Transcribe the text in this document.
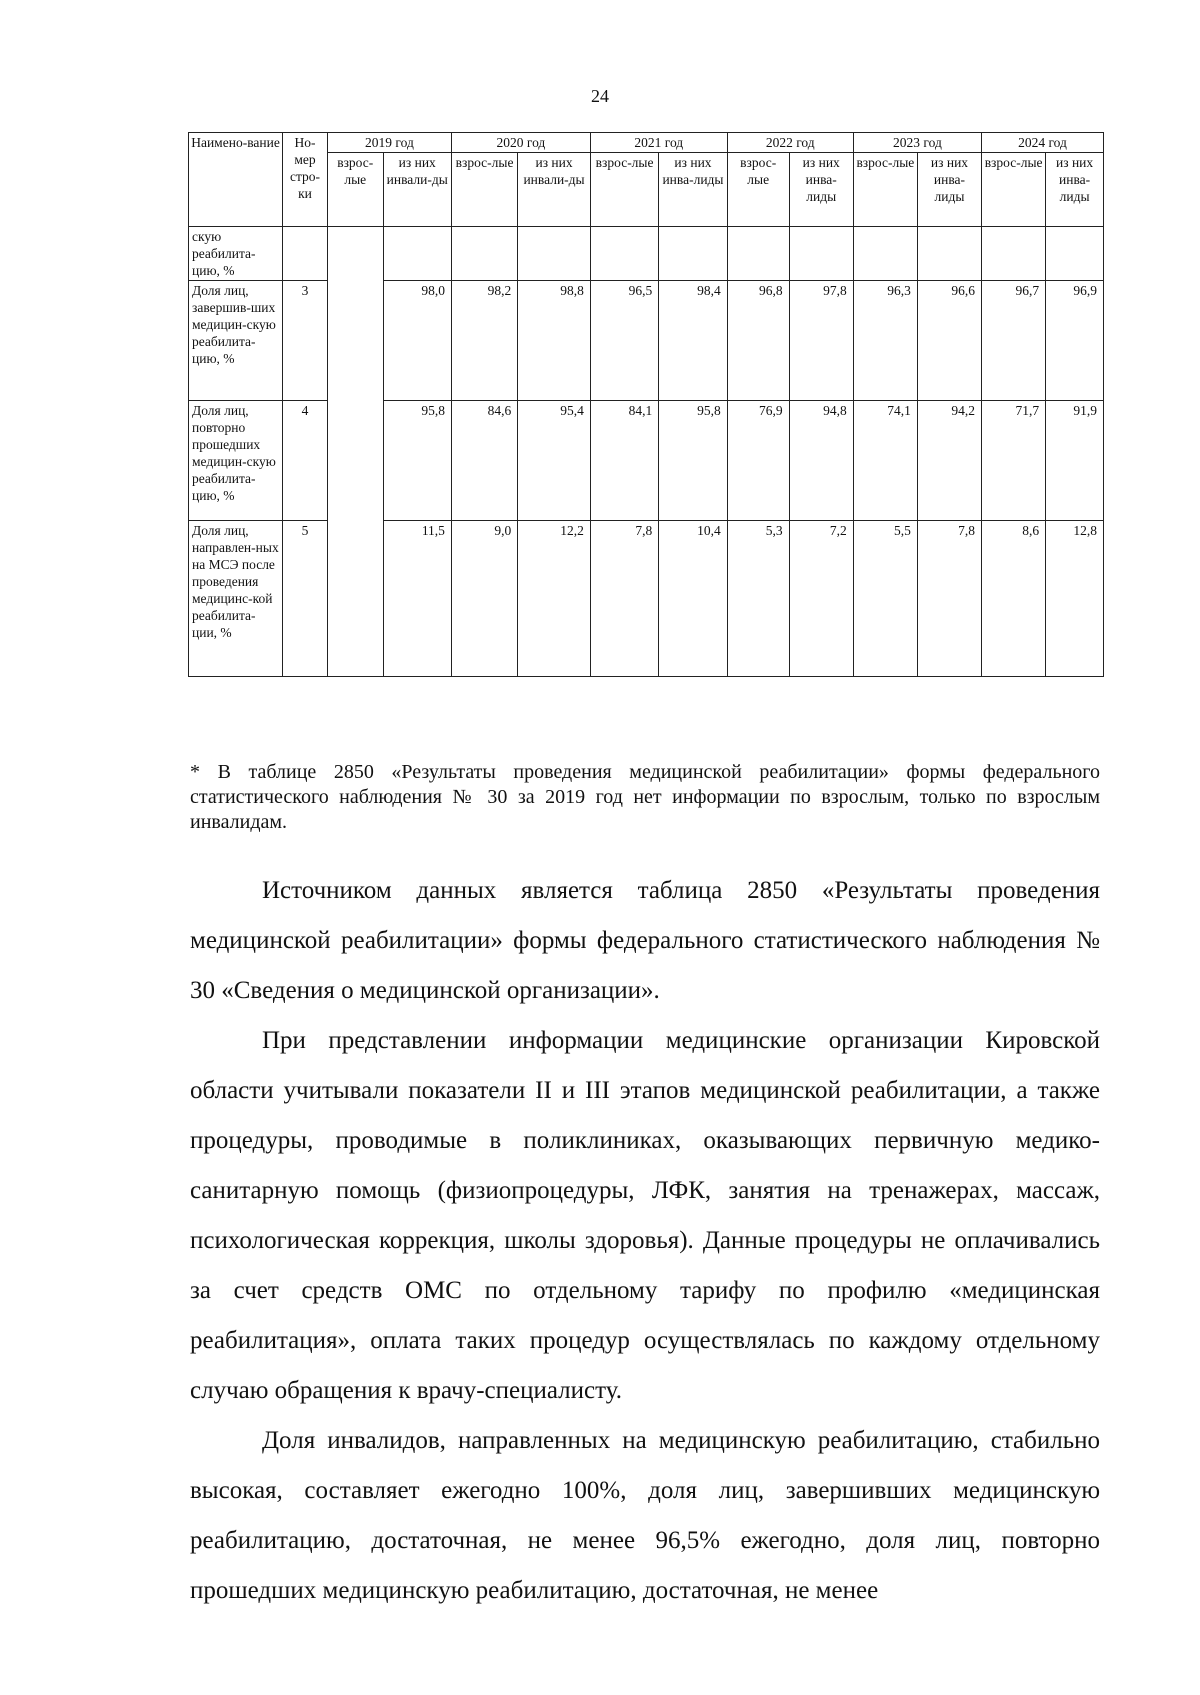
24
Наимено-вание	Но-мер стро-ки	2019 год		2020 год		2021 год		2022 год		2023 год		2024 год	
		взрос-лые	из них инвали-ды	взрос-лые	из них инвали-ды	взрос-лые	из них инва-лиды	взрос-лые	из них инва-лиды	взрос-лые	из них инва-лиды	взрос-лые	из них инва-лиды
скую реабилита-цию, %													
Доля лиц, завершив-ших медицин-скую реабилита-цию, %	3		98,0	98,2	98,8	96,5	98,4	96,8	97,8	96,3	96,6	96,7	96,9
Доля лиц, повторно прошедших медицин-скую реабилита-цию, %	4		95,8	84,6	95,4	84,1	95,8	76,9	94,8	74,1	94,2	71,7	91,9
Доля лиц, направлен-ных на МСЭ после проведения медицинс-кой реабилита-ции, %	5		11,5	9,0	12,2	7,8	10,4	5,3	7,2	5,5	7,8	8,6	12,8
* В таблице 2850 «Результаты проведения медицинской реабилитации» формы федерального статистического наблюдения № 30 за 2019 год нет информации по взрослым, только по взрослым инвалидам.

Источником данных является таблица 2850 «Результаты проведения медицинской реабилитации» формы федерального статистического наблюдения № 30 «Сведения о медицинской организации».

При представлении информации медицинские организации Кировской области учитывали показатели II и III этапов медицинской реабилитации, а также процедуры, проводимые в поликлиниках, оказывающих первичную медико-санитарную помощь (физиопроцедуры, ЛФК, занятия на тренажерах, массаж, психологическая коррекция, школы здоровья). Данные процедуры не оплачивались за счет средств ОМС по отдельному тарифу по профилю «медицинская реабилитация», оплата таких процедур осуществлялась по каждому отдельному случаю обращения к врачу-специалисту.

Доля инвалидов, направленных на медицинскую реабилитацию, стабильно высокая, составляет ежегодно 100%, доля лиц, завершивших медицинскую реабилитацию, достаточная, не менее 96,5% ежегодно, доля лиц, повторно прошедших медицинскую реабилитацию, достаточная, не менее
